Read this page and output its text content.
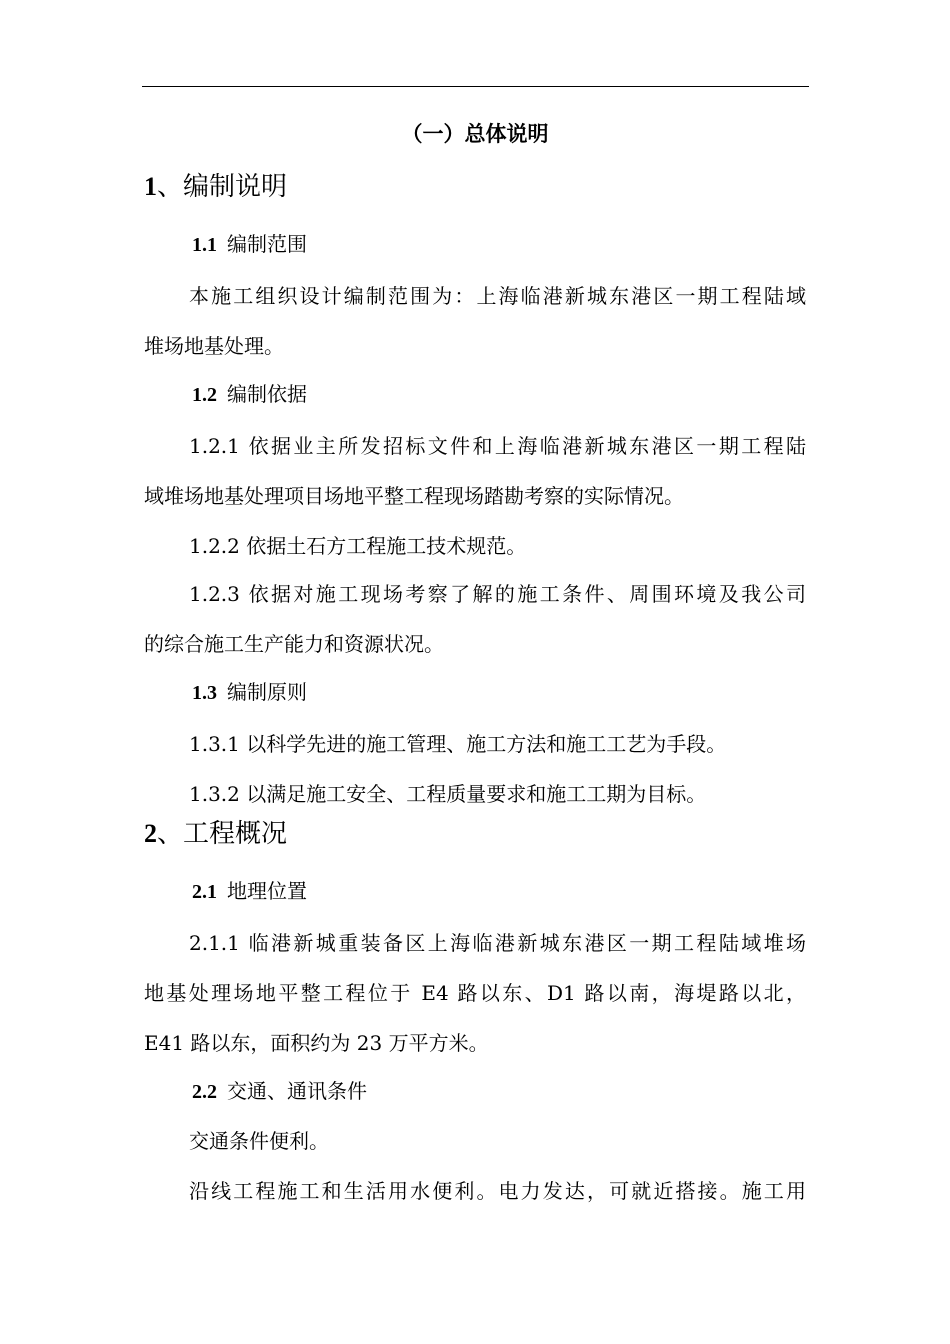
（一）总体说明
1、编制说明
1.1 编制范围
本施工组织设计编制范围为：上海临港新城东港区一期工程陆域
堆场地基处理。
1.2 编制依据
1.2.1 依据业主所发招标文件和上海临港新城东港区一期工程陆
域堆场地基处理项目场地平整工程现场踏勘考察的实际情况。
1.2.2 依据土石方工程施工技术规范。
1.2.3 依据对施工现场考察了解的施工条件、周围环境及我公司
的综合施工生产能力和资源状况。
1.3 编制原则
1.3.1 以科学先进的施工管理、施工方法和施工工艺为手段。
1.3.2 以满足施工安全、工程质量要求和施工工期为目标。
2、工程概况
2.1 地理位置
2.1.1 临港新城重装备区上海临港新城东港区一期工程陆域堆场
地基处理场地平整工程位于 E4 路以东、D1 路以南，海堤路以北，
E41 路以东，面积约为 23 万平方米。
2.2 交通、通讯条件
交通条件便利。
沿线工程施工和生活用水便利。电力发达，可就近搭接。施工用
